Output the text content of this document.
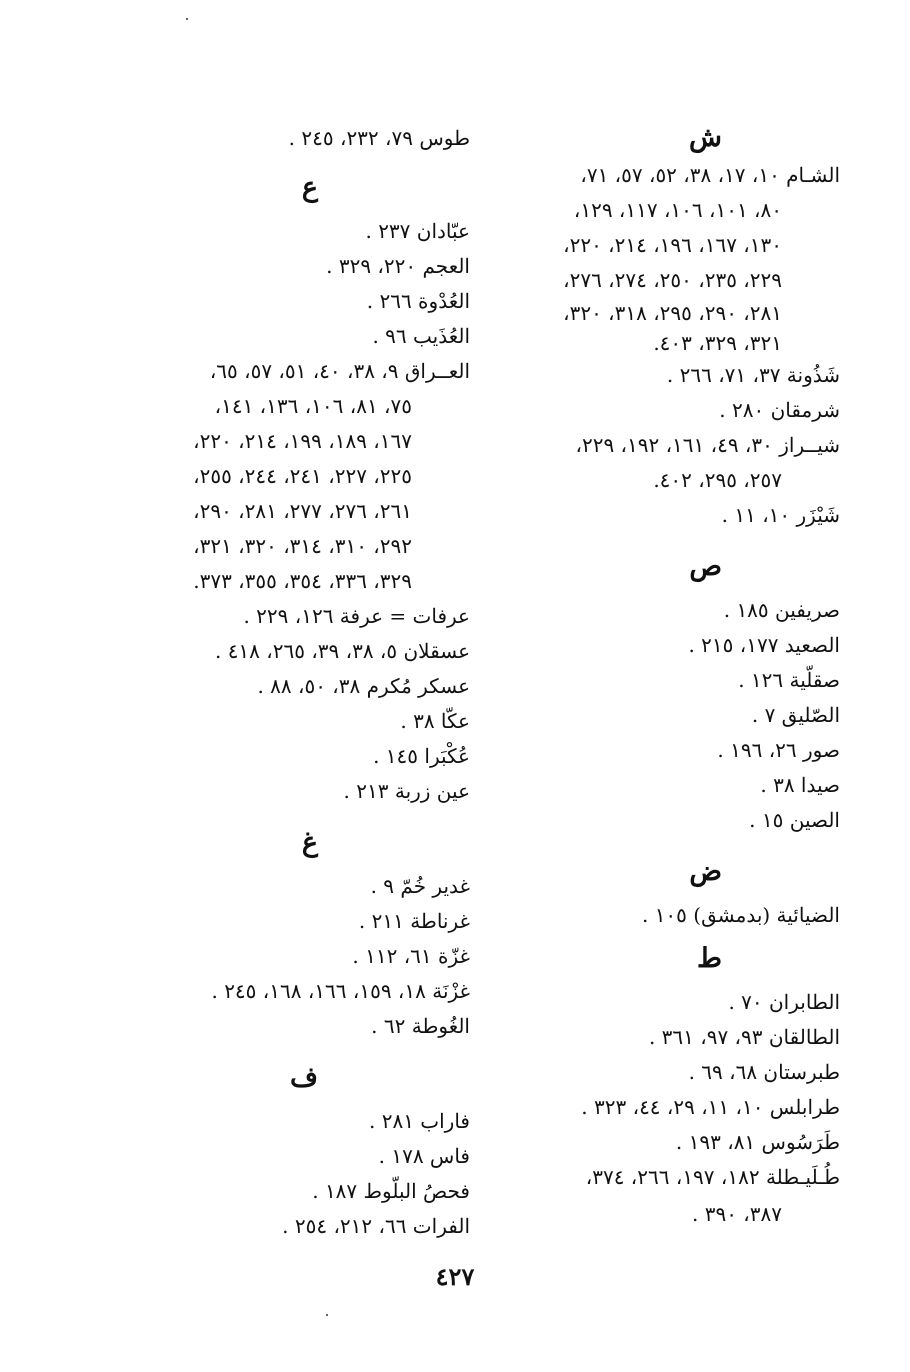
ش

الشـام ١٠، ١٧، ٣٨، ٥٢، ٥٧، ٧١،
٨٠، ١٠١، ١٠٦، ١١٧، ١٢٩،
١٣٠، ١٦٧، ١٩٦، ٢١٤، ٢٢٠،
٢٢٩، ٢٣٥، ٢٥٠، ٢٧٤، ٢٧٦،
٢٨١، ٢٩٠، ٢٩٥، ٣١٨، ٣٢٠،
٣٢١، ٣٢٩، ٤٠٣.

شَذُونة ٣٧، ٧١، ٢٦٦ .

شرمقان ٢٨٠ .

شيــراز ٣٠، ٤٩، ١٦١، ١٩٢، ٢٢٩،
٢٥٧، ٢٩٥، ٤٠٢.

شَيْزَر ١٠، ١١ .

ص

صريفين ١٨٥ .

الصعيد ١٧٧، ٢١٥ .

صقلّية ١٢٦ .

الصّليق ٧ .

صور ٢٦، ١٩٦ .

صيدا ٣٨ .

الصين ١٥ .

ض

الضيائية (بدمشق) ١٠٥ .

ط

الطابران ٧٠ .

الطالقان ٩٣، ٩٧، ٣٦١ .

طبرستان ٦٨، ٦٩ .

طرابلس ١٠، ١١، ٢٩، ٤٤، ٣٢٣ .

طَرَسُوس ٨١، ١٩٣ .

طُـلَيـطلة ١٨٢، ١٩٧، ٢٦٦، ٣٧٤،
٣٨٧، ٣٩٠ .

طوس ٧٩، ٢٣٢، ٢٤٥ .

ع

عبّادان ٢٣٧ .

العجم ٢٢٠، ٣٢٩ .

العُدْوة ٢٦٦ .

العُذَيب ٩٦ .

العــراق ٩، ٣٨، ٤٠، ٥١، ٥٧، ٦٥،
٧٥، ٨١، ١٠٦، ١٣٦، ١٤١،
١٦٧، ١٨٩، ١٩٩، ٢١٤، ٢٢٠،
٢٢٥، ٢٢٧، ٢٤١، ٢٤٤، ٢٥٥،
٢٦١، ٢٧٦، ٢٧٧، ٢٨١، ٢٩٠،
٢٩٢، ٣١٠، ٣١٤، ٣٢٠، ٣٢١،
٣٢٩، ٣٣٦، ٣٥٤، ٣٥٥، ٣٧٣.

عرفات = عرفة ١٢٦، ٢٢٩ .

عسقلان ٥، ٣٨، ٣٩، ٢٦٥، ٤١٨ .

عسكر مُكرم ٣٨، ٥٠، ٨٨ .

عكّا ٣٨ .

عُكْبَرا ١٤٥ .

عين زربة ٢١٣ .

غ

غدير خُمّ ٩ .

غرناطة ٢١١ .

غزّة ٦١، ١١٢ .

غزْنَة ١٨، ١٥٩، ١٦٦، ١٦٨، ٢٤٥ .

الغُوطة ٦٢ .

ف

فاراب ٢٨١ .

فاس ١٧٨ .

فحصُ البلّوط ١٨٧ .

الفرات ٦٦، ٢١٢، ٢٥٤ .

٤٢٧
